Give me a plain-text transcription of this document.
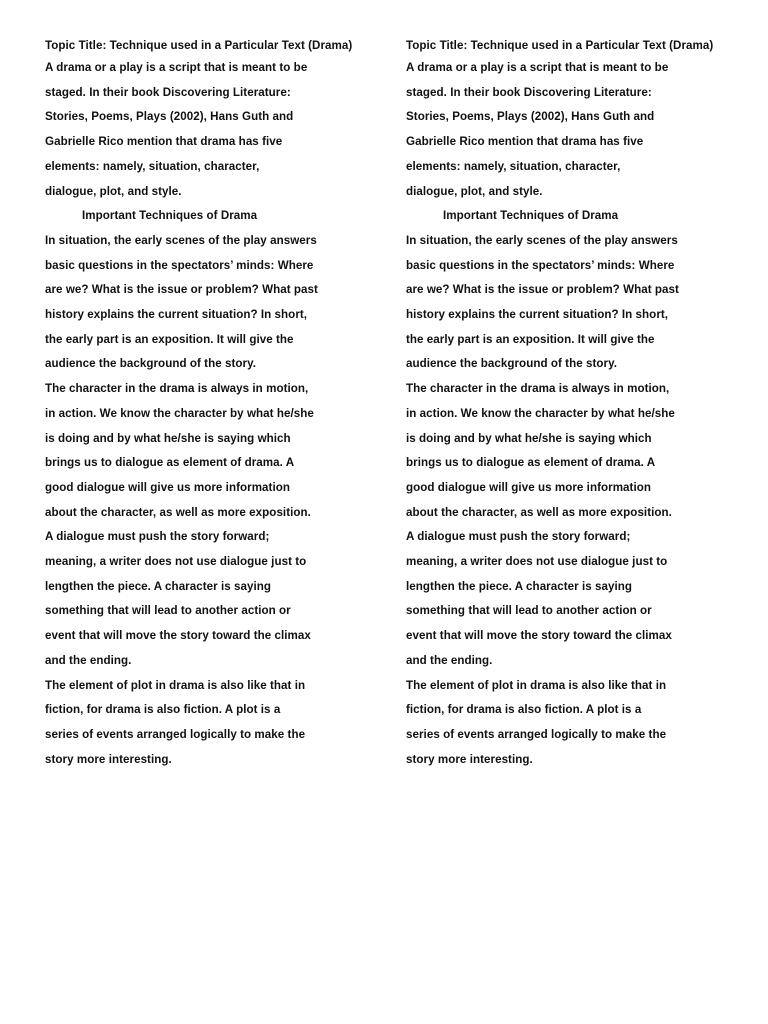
Topic Title: Technique used in a Particular Text (Drama)
A drama or a play is a script that is meant to be
staged. In their book Discovering Literature:
Stories, Poems, Plays (2002), Hans Guth and
Gabrielle Rico mention that drama has five
elements: namely, situation, character,
dialogue, plot, and style.
Important Techniques of Drama
In situation, the early scenes of the play answers
basic questions in the spectators’ minds: Where
are we? What is the issue or problem? What past
history explains the current situation? In short,
the early part is an exposition. It will give the
audience the background of the story.
The character in the drama is always in motion,
in action. We know the character by what he/she
is doing and by what he/she is saying which
brings us to dialogue as element of drama. A
good dialogue will give us more information
about the character, as well as more exposition.
A dialogue must push the story forward;
meaning, a writer does not use dialogue just to
lengthen the piece. A character is saying
something that will lead to another action or
event that will move the story toward the climax
and the ending.
The element of plot in drama is also like that in
fiction, for drama is also fiction. A plot is a
series of events arranged logically to make the
story more interesting.
Topic Title: Technique used in a Particular Text (Drama)
A drama or a play is a script that is meant to be
staged. In their book Discovering Literature:
Stories, Poems, Plays (2002), Hans Guth and
Gabrielle Rico mention that drama has five
elements: namely, situation, character,
dialogue, plot, and style.
Important Techniques of Drama
In situation, the early scenes of the play answers
basic questions in the spectators’ minds: Where
are we? What is the issue or problem? What past
history explains the current situation? In short,
the early part is an exposition. It will give the
audience the background of the story.
The character in the drama is always in motion,
in action. We know the character by what he/she
is doing and by what he/she is saying which
brings us to dialogue as element of drama. A
good dialogue will give us more information
about the character, as well as more exposition.
A dialogue must push the story forward;
meaning, a writer does not use dialogue just to
lengthen the piece. A character is saying
something that will lead to another action or
event that will move the story toward the climax
and the ending.
The element of plot in drama is also like that in
fiction, for drama is also fiction. A plot is a
series of events arranged logically to make the
story more interesting.
